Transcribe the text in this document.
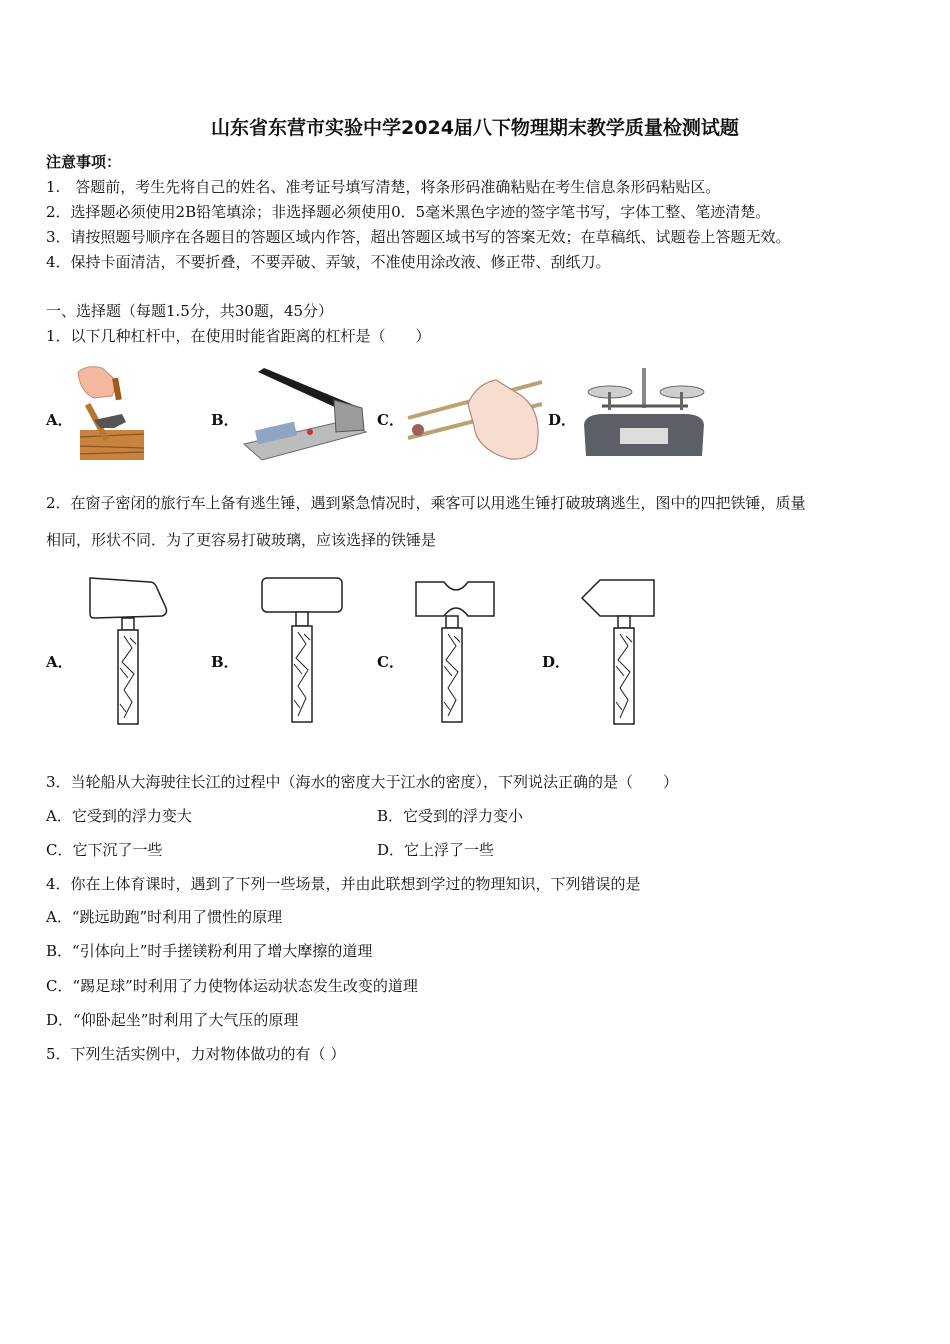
山东省东营市实验中学2024届八下物理期末教学质量检测试题
注意事项：
1.　答题前，考生先将自己的姓名、准考证号填写清楚，将条形码准确粘贴在考生信息条形码粘贴区。
2．选择题必须使用2B铅笔填涂；非选择题必须使用0．5毫米黑色字迹的签字笔书写，字体工整、笔迹清楚。
3．请按照题号顺序在各题目的答题区域内作答，超出答题区域书写的答案无效；在草稿纸、试题卷上答题无效。
4．保持卡面清洁，不要折叠，不要弄破、弄皱，不准使用涂改液、修正带、刮纸刀。
一、选择题（每题1.5分，共30题，45分）
1．以下几种杠杆中，在使用时能省距离的杠杆是（　　）
A．	B．	C．	D．
2．在窗子密闭的旅行车上备有逃生锤，遇到紧急情况时，乘客可以用逃生锤打破玻璃逃生，图中的四把铁锤，质量
相同，形状不同．为了更容易打破玻璃，应该选择的铁锤是
A．	B．	C．	D．
3．当轮船从大海驶往长江的过程中（海水的密度大于江水的密度），下列说法正确的是（　　）
A．它受到的浮力变大	B．它受到的浮力变小
C．它下沉了一些	D．它上浮了一些
4．你在上体育课时，遇到了下列一些场景，并由此联想到学过的物理知识，下列错误的是
A．“跳远助跑”时利用了惯性的原理
B．“引体向上”时手搓镁粉利用了增大摩擦的道理
C．“踢足球”时利用了力使物体运动状态发生改变的道理
D．“仰卧起坐”时利用了大气压的原理
5．下列生活实例中，力对物体做功的有（ ）
